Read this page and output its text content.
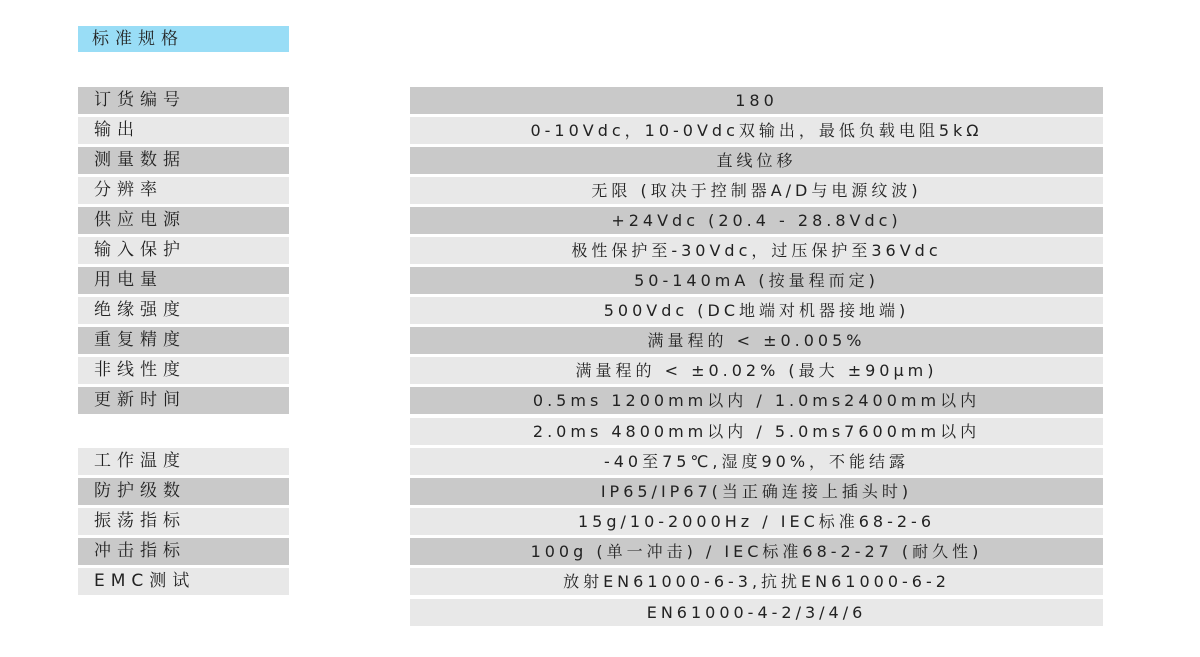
标准规格
订货编号	180
输出	0-10Vdc，10-0Vdc双输出，最低负载电阻5kΩ
测量数据	直线位移
分辨率	无限 (取决于控制器A/D与电源纹波)
供应电源	+24Vdc (20.4 - 28.8Vdc)
输入保护	极性保护至-30Vdc，过压保护至36Vdc
用电量	50-140mA (按量程而定)
绝缘强度	500Vdc (DC地端对机器接地端)
重复精度	满量程的 < ±0.005%
非线性度	满量程的 < ±0.02% (最大 ±90μm)
更新时间	0.5ms 1200mm以内 / 1.0ms2400mm以内
2.0ms 4800mm以内 / 5.0ms7600mm以内
工作温度	-40至75℃,湿度90%，不能结露
防护级数	IP65/IP67(当正确连接上插头时)
振荡指标	15g/10-2000Hz / IEC标准68-2-6
冲击指标	100g (单一冲击) / IEC标准68-2-27 (耐久性)
EMC测试	放射EN61000-6-3,抗扰EN61000-6-2
EN61000-4-2/3/4/6
